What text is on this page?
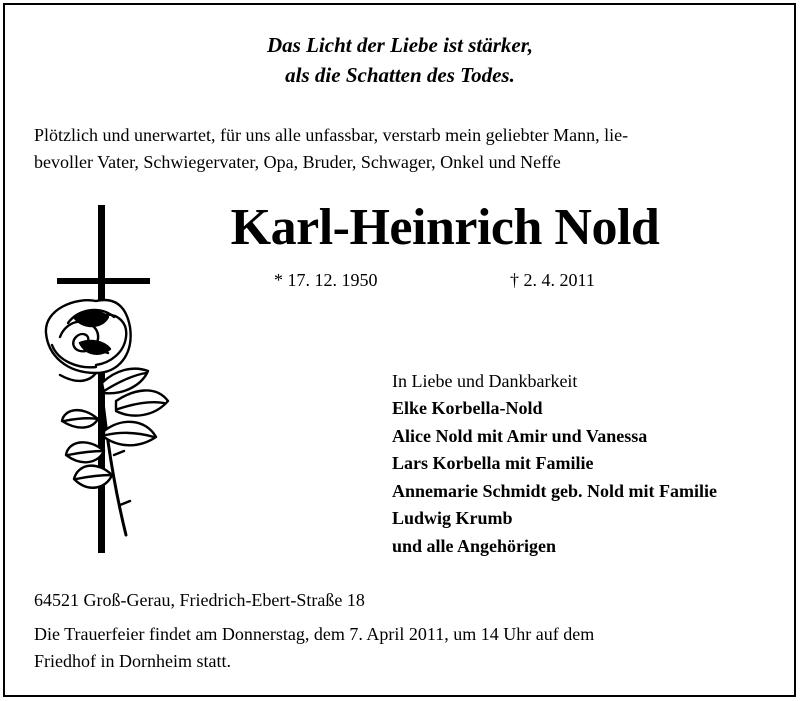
Das Licht der Liebe ist stärker,
als die Schatten des Todes.
Plötzlich und unerwartet, für uns alle unfassbar, verstarb mein geliebter Mann, lie-
bevoller Vater, Schwiegervater, Opa, Bruder, Schwager, Onkel und Neffe
Karl-Heinrich Nold
* 17. 12. 1950	† 2. 4. 2011
In Liebe und Dankbarkeit
Elke Korbella-Nold
Alice Nold mit Amir und Vanessa
Lars Korbella mit Familie
Annemarie Schmidt geb. Nold mit Familie
Ludwig Krumb
und alle Angehörigen
64521 Groß-Gerau, Friedrich-Ebert-Straße 18
Die Trauerfeier findet am Donnerstag, dem 7. April 2011, um 14 Uhr auf dem
Friedhof in Dornheim statt.
